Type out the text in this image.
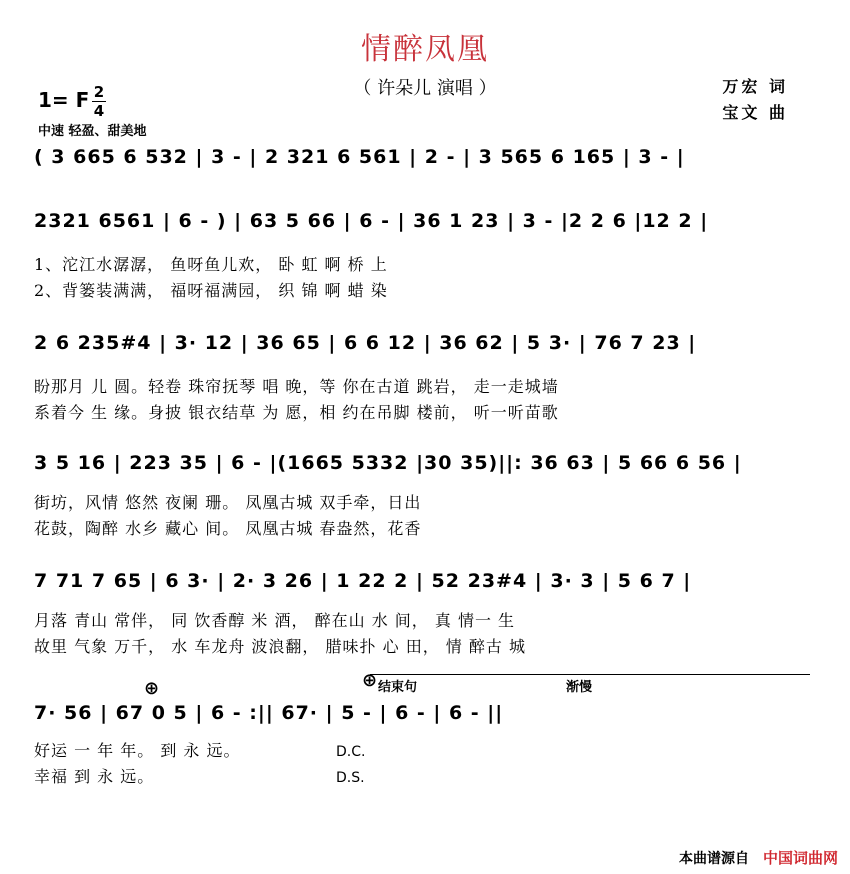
情醉凤凰
（ 许朵儿 演唱 ）
1= F 2
4
中速 轻盈、甜美地
万宏 词
宝文 曲
( 3 665 6 532 | 3 - | 2 321 6 561 | 2 - | 3 565 6 165 | 3 - |
2321 6561 | 6 - ) | 63 5 66 | 6 - | 36 1 23 | 3 - |2 2 6 |12 2 |
1、沱江水潺潺， 鱼呀鱼儿欢， 卧 虹 啊 桥 上
2、背篓装满满， 福呀福满园， 织 锦 啊 蜡 染
2 6 235#4 | 3· 12 | 36 65 | 6 6 12 | 36 62 | 5 3· | 76 7 23 |
盼那月 儿 圆。轻卷 珠帘抚琴 唱 晚，等 你在古道 跳岩， 走一走城墙
系着今 生 缘。身披 银衣结草 为 愿，相 约在吊脚 楼前， 听一听苗歌
3 5 16 | 223 35 | 6 - |(1665 5332 |30 35)||: 36 63 | 5 66 6 56 |
街坊，风情 悠然 夜阑 珊。 凤凰古城 双手牵，日出
花鼓，陶醉 水乡 藏心 间。 凤凰古城 春盎然，花香
7 71 7 65 | 6 3· | 2· 3 26 | 1 22 2 | 52 23#4 | 3· 3 | 5 6 7 |
月落 青山 常伴， 同 饮香醇 米 酒， 醉在山 水 间， 真 情一 生
故里 气象 万千， 水 车龙舟 波浪翻， 腊味扑 心 田， 情 醉古 城
结束句	渐慢
⊕	⊕
7· 56 | 67 0 5 | 6 - :|| 67· | 5 - | 6 - | 6 - ||
好运 一 年 年。 到 永 远。
幸福 到 永 远。
D.C.
D.S.
本曲谱源自 中国词曲网
